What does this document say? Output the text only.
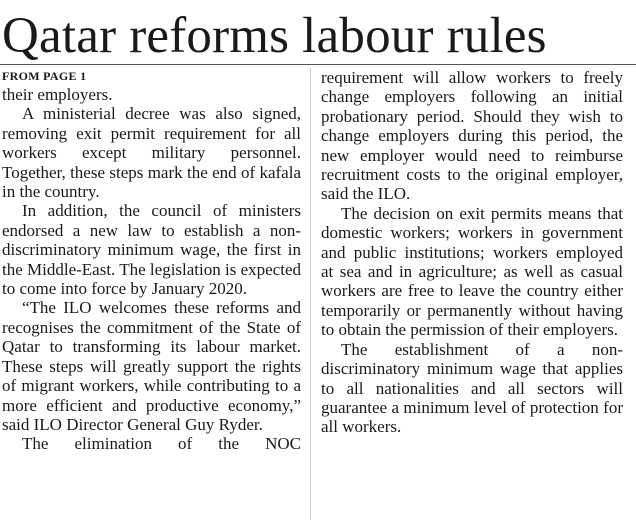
Qatar reforms labour rules
FROM PAGE 1

their employers.

A ministerial decree was also signed, removing exit permit requirement for all workers except military personnel. Together, these steps mark the end of kafala in the country.

In addition, the council of ministers endorsed a new law to establish a non-discriminatory minimum wage, the first in the Middle-East. The legislation is expected to come into force by January 2020.

“The ILO welcomes these reforms and recognises the commitment of the State of Qatar to transforming its labour market. These steps will greatly support the rights of migrant workers, while contributing to a more efficient and productive economy,” said ILO Director General Guy Ryder.

The elimination of the NOC

requirement will allow workers to freely change employers following an initial probationary period. Should they wish to change employers during this period, the new employer would need to reimburse recruitment costs to the original employer, said the ILO.

The decision on exit permits means that domestic workers; workers in government and public institutions; workers employed at sea and in agriculture; as well as casual workers are free to leave the country either temporarily or permanently without having to obtain the permission of their employers.

The establishment of a non-discriminatory minimum wage that applies to all nationalities and all sectors will guarantee a minimum level of protection for all workers.
